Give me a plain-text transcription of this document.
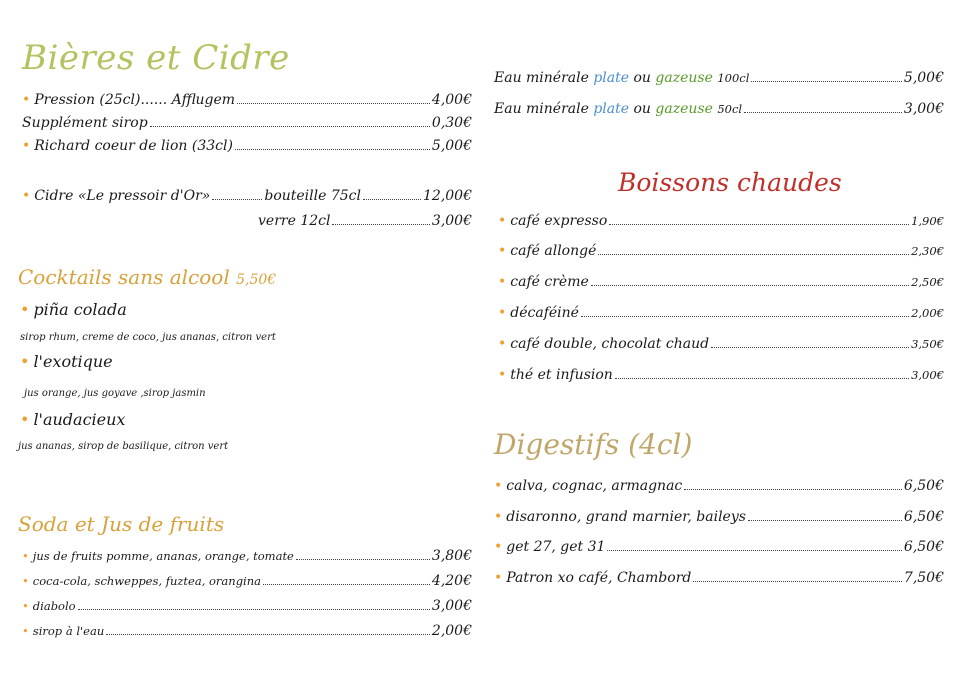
Bières et Cidre
• Pression (25cl)...... Afflugem	4,00€
Supplément sirop	0,30€
• Richard coeur de lion (33cl)	5,00€
• Cidre «Le pressoir d'Or»	bouteille 75cl	12,00€
verre 12cl	3,00€
Cocktails sans alcool 5,50€
• piña colada
sirop rhum, creme de coco, jus ananas, citron vert
• l'exotique
jus orange, jus goyave ,sirop jasmin
• l'audacieux
jus ananas, sirop de basilique, citron vert
Soda et Jus de fruits
• jus de fruits pomme, ananas, orange, tomate	3,80€
• coca-cola, schweppes, fuztea, orangina	4,20€
• diabolo	3,00€
• sirop à l'eau	2,00€
Eau minérale plate ou gazeuse 100cl	5,00€
Eau minérale plate ou gazeuse 50cl	3,00€
Boissons chaudes
• café expresso	1,90€
• café allongé	2,30€
• café crème	2,50€
• décaféiné	2,00€
• café double, chocolat chaud	3,50€
• thé et infusion	3,00€
Digestifs (4cl)
• calva, cognac, armagnac	6,50€
• disaronno, grand marnier, baileys	6,50€
• get 27, get 31	6,50€
• Patron xo café, Chambord	7,50€
